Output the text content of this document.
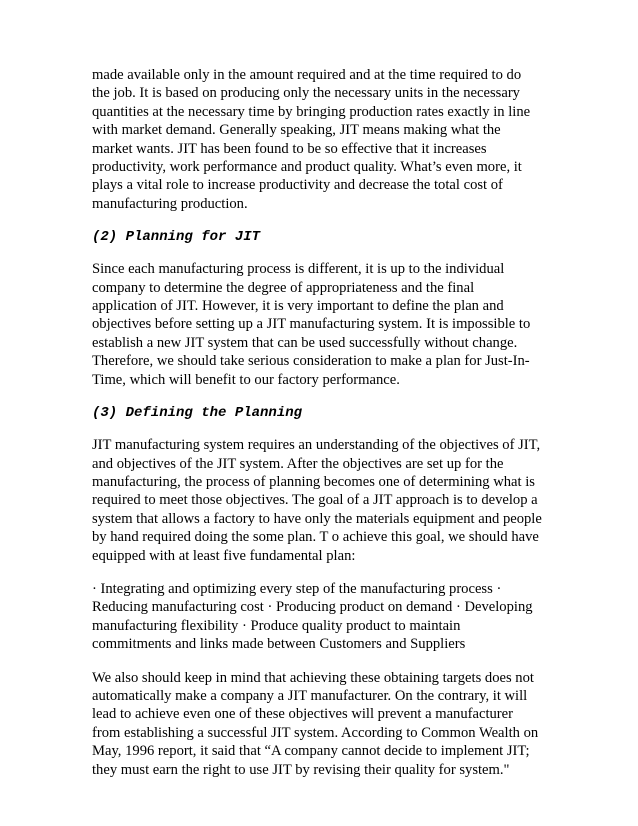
made available only in the amount required and at the time required to do
the job. It is based on producing only the necessary units in the necessary
quantities at the necessary time by bringing production rates exactly in line
with market demand. Generally speaking, JIT means making what the
market wants. JIT has been found to be so effective that it increases
productivity, work performance and product quality. What’s even more, it
plays a vital role to increase productivity and decrease the total cost of
manufacturing production.

(2) Planning for JIT

Since each manufacturing process is different, it is up to the individual
company to determine the degree of appropriateness and the final
application of JIT. However, it is very important to define the plan and
objectives before setting up a JIT manufacturing system. It is impossible to
establish a new JIT system that can be used successfully without change.
Therefore, we should take serious consideration to make a plan for Just-In-
Time, which will benefit to our factory performance.

(3) Defining the Planning

JIT manufacturing system requires an understanding of the objectives of JIT,
and objectives of the JIT system. After the objectives are set up for the
manufacturing, the process of planning becomes one of determining what is
required to meet those objectives. The goal of a JIT approach is to develop a
system that allows a factory to have only the materials equipment and people
by hand required doing the some plan. T o achieve this goal, we should have
equipped with at least five fundamental plan:

· Integrating and optimizing every step of the manufacturing process ·
Reducing manufacturing cost · Producing product on demand · Developing
manufacturing flexibility · Produce quality product to maintain
commitments and links made between Customers and Suppliers

We also should keep in mind that achieving these obtaining targets does not
automatically make a company a JIT manufacturer. On the contrary, it will
lead to achieve even one of these objectives will prevent a manufacturer
from establishing a successful JIT system. According to Common Wealth on
May, 1996 report, it said that “A company cannot decide to implement JIT;
they must earn the right to use JIT by revising their quality for system."
